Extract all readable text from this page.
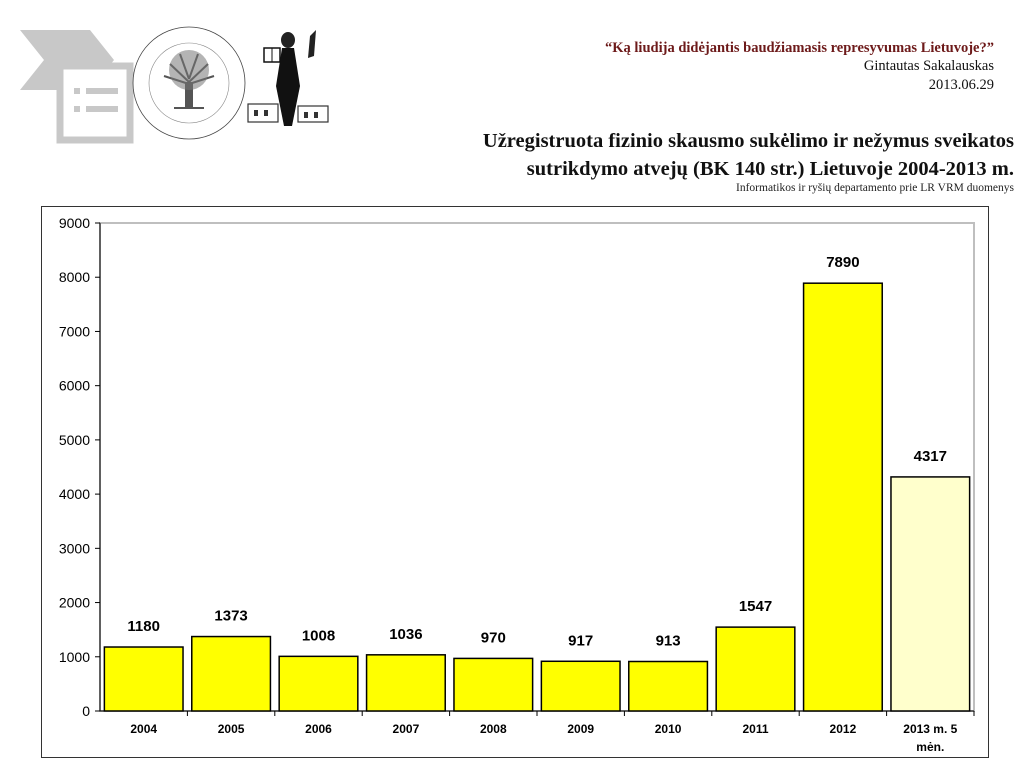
“Ką liudija didėjantis baudžiamasis represyvumas Lietuvoje?”
Gintautas Sakalauskas
2013.06.29
Užregistruota fizinio skausmo sukėlimo ir nežymus sveikatos sutrikdymo atvejų (BK 140 str.) Lietuvoje 2004-2013 m.
Informatikos ir ryšių departamento prie LR VRM duomenys
0
1000
2000
3000
4000
5000
6000
7000
8000
9000
1180
2004
1373
2005
1008
2006
1036
2007
970
2008
917
2009
913
2010
1547
2011
7890
2012
4317
2013 m. 5 mėn.
